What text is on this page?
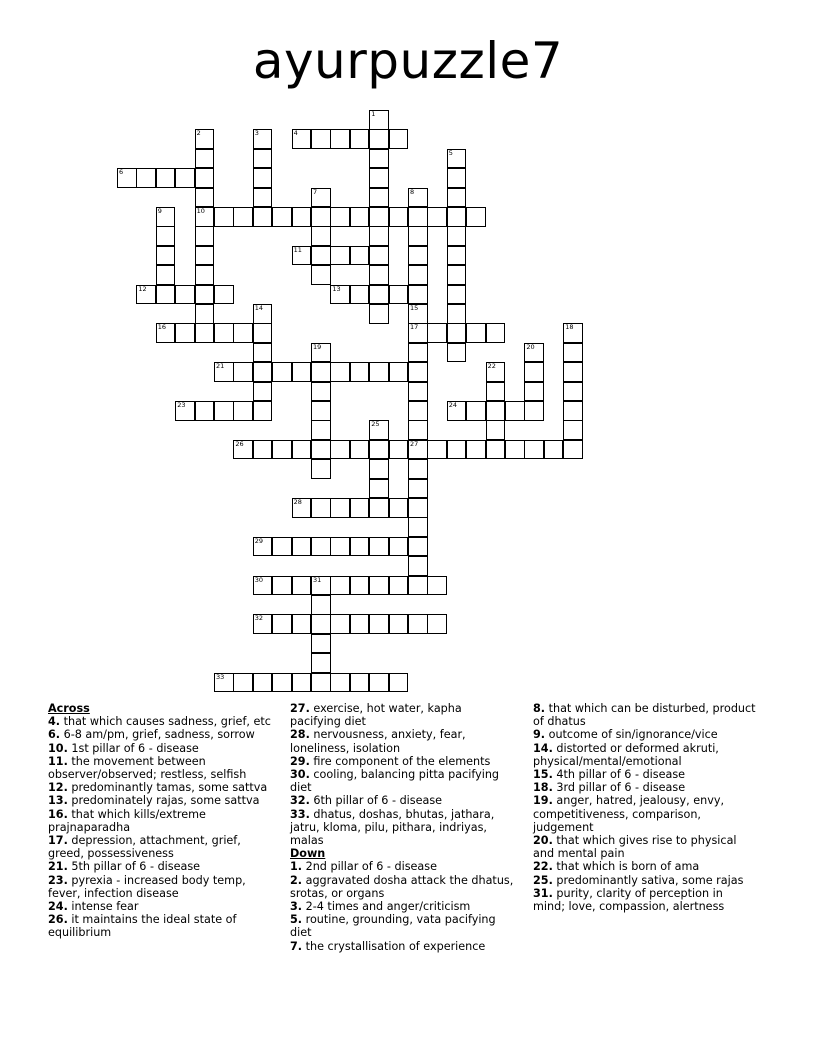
ayurpuzzle7
1
2
10
3	4
5
6
7	8
9
11
12	13
14	15
17
27
16	18
19	20
21	22
23	24
25
26
28
29
30	31
32
33
Across
4. that which causes sadness, grief, etc
6. 6-8 am/pm, grief, sadness, sorrow
10. 1st pillar of 6 - disease
11. the movement between observer/observed; restless, selfish
12. predominantly tamas, some sattva
13. predominately rajas, some sattva
16. that which kills/extreme prajnaparadha
17. depression, attachment, grief, greed, possessiveness
21. 5th pillar of 6 - disease
23. pyrexia - increased body temp, fever, infection disease
24. intense fear
26. it maintains the ideal state of equilibrium
27. exercise, hot water, kapha pacifying diet
28. nervousness, anxiety, fear, loneliness, isolation
29. fire component of the elements
30. cooling, balancing pitta pacifying diet
32. 6th pillar of 6 - disease
33. dhatus, doshas, bhutas, jathara, jatru, kloma, pilu, pithara, indriyas, malas
Down
1. 2nd pillar of 6 - disease
2. aggravated dosha attack the dhatus, srotas, or organs
3. 2-4 times and anger/criticism
5. routine, grounding, vata pacifying diet
7. the crystallisation of experience
8. that which can be disturbed, product of dhatus
9. outcome of sin/ignorance/vice
14. distorted or deformed akruti, physical/mental/emotional
15. 4th pillar of 6 - disease
18. 3rd pillar of 6 - disease
19. anger, hatred, jealousy, envy, competitiveness, comparison, judgement
20. that which gives rise to physical and mental pain
22. that which is born of ama
25. predominantly sativa, some rajas
31. purity, clarity of perception in mind; love, compassion, alertness
